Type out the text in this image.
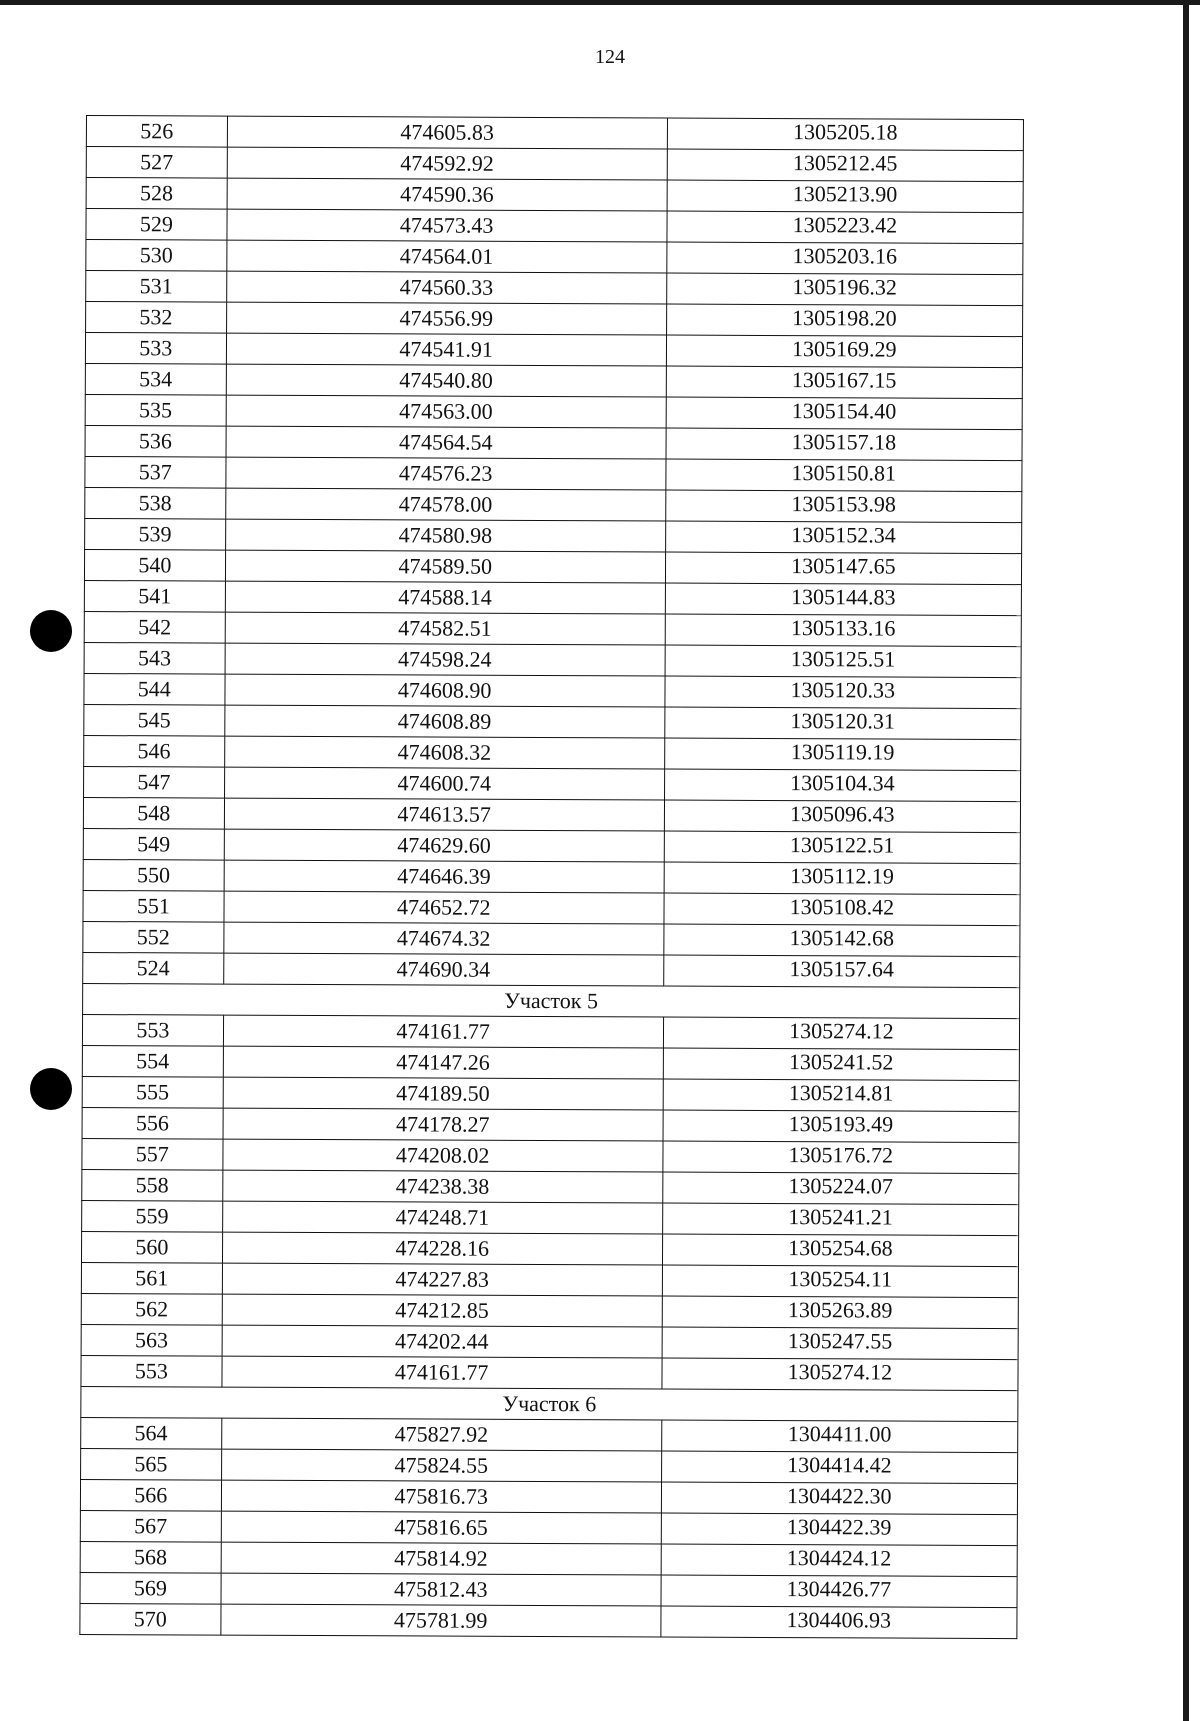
124
526	474605.83	1305205.18
527	474592.92	1305212.45
528	474590.36	1305213.90
529	474573.43	1305223.42
530	474564.01	1305203.16
531	474560.33	1305196.32
532	474556.99	1305198.20
533	474541.91	1305169.29
534	474540.80	1305167.15
535	474563.00	1305154.40
536	474564.54	1305157.18
537	474576.23	1305150.81
538	474578.00	1305153.98
539	474580.98	1305152.34
540	474589.50	1305147.65
541	474588.14	1305144.83
542	474582.51	1305133.16
543	474598.24	1305125.51
544	474608.90	1305120.33
545	474608.89	1305120.31
546	474608.32	1305119.19
547	474600.74	1305104.34
548	474613.57	1305096.43
549	474629.60	1305122.51
550	474646.39	1305112.19
551	474652.72	1305108.42
552	474674.32	1305142.68
524	474690.34	1305157.64
Участок 5		
553	474161.77	1305274.12
554	474147.26	1305241.52
555	474189.50	1305214.81
556	474178.27	1305193.49
557	474208.02	1305176.72
558	474238.38	1305224.07
559	474248.71	1305241.21
560	474228.16	1305254.68
561	474227.83	1305254.11
562	474212.85	1305263.89
563	474202.44	1305247.55
553	474161.77	1305274.12
Участок 6		
564	475827.92	1304411.00
565	475824.55	1304414.42
566	475816.73	1304422.30
567	475816.65	1304422.39
568	475814.92	1304424.12
569	475812.43	1304426.77
570	475781.99	1304406.93
